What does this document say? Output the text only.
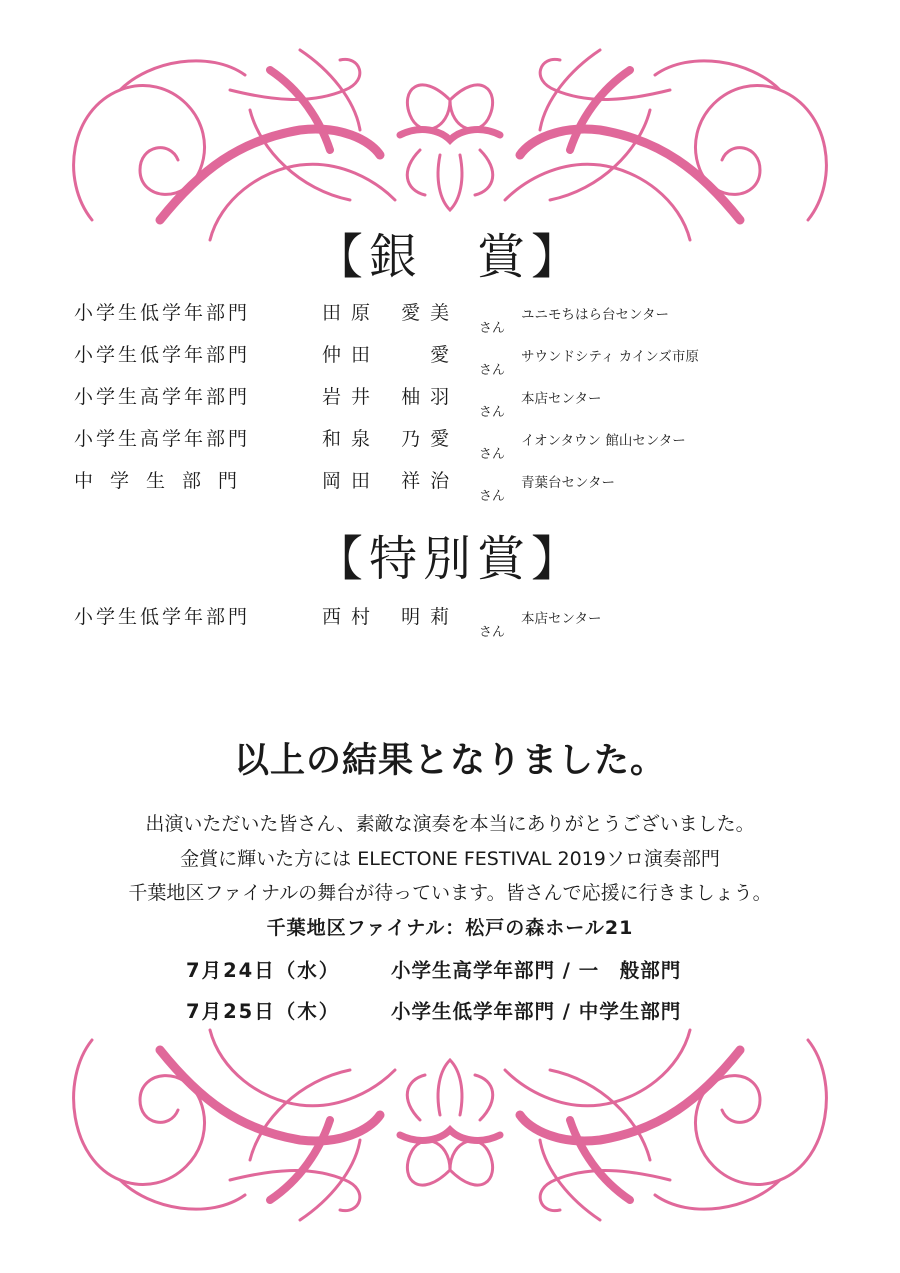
【銀　賞】
小学生低学年部門	田 原　 愛 美
さん
ユニモちはら台センター
小学生低学年部門	仲 田 　　 愛
さん
サウンドシティ カインズ市原
小学生高学年部門	岩 井　 柚 羽
さん
本店センター
小学生高学年部門	和 泉　 乃 愛
さん
イオンタウン 館山センター
中学生部門	岡 田　 祥 治
さん
青葉台センター
【特別賞】
小学生低学年部門	西 村　 明 莉
さん
本店センター
以上の結果となりました。
出演いただいた皆さん、素敵な演奏を本当にありがとうございました。
金賞に輝いた方には ELECTONE FESTIVAL 2019ソロ演奏部門
千葉地区ファイナルの舞台が待っています。皆さんで応援に行きましょう。
千葉地区ファイナル：松戸の森ホール21
7月24日（水）	小学生高学年部門 / 一　般部門
7月25日（木）	小学生低学年部門 / 中学生部門
